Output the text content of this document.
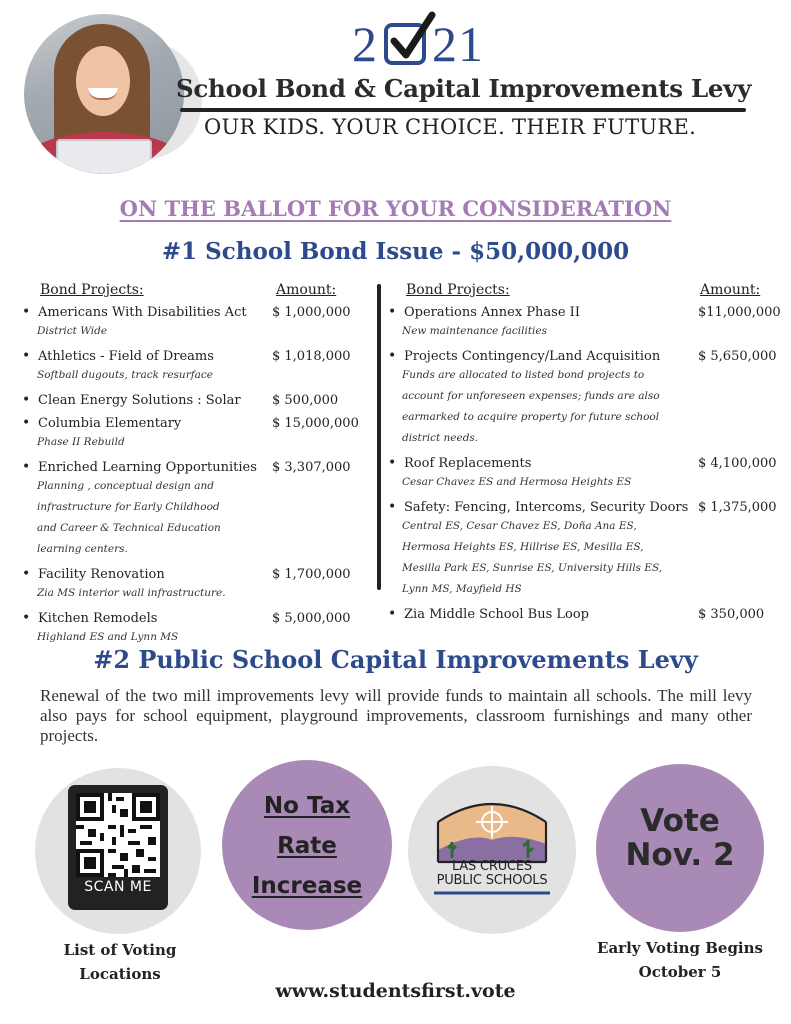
2 21
School Bond & Capital Improvements Levy
OUR KIDS. YOUR CHOICE. THEIR FUTURE.
ON THE BALLOT FOR YOUR CONSIDERATION
#1 School Bond Issue - $50,000,000
Bond Projects:	Amount:	Bond Projects:	Amount:
• Americans With Disabilities Act $ 1,000,000
District Wide
• Athletics - Field of Dreams	$ 1,018,000
Softball dugouts, track resurface
• Clean Energy Solutions : Solar $ 500,000
• Columbia Elementary	$ 15,000,000
Phase II Rebuild
• Enriched Learning Opportunities $ 3,307,000
Planning , conceptual design and
infrastructure for Early Childhood
and Career & Technical Education
learning centers.
• Facility Renovation	$ 1,700,000
Zia MS interior wall infrastructure.
• Kitchen Remodels	$ 5,000,000
Highland ES and Lynn MS
• Operations Annex Phase II	$11,000,000
New maintenance facilities
• Projects Contingency/Land Acquisition	$ 5,650,000
Funds are allocated to listed bond projects to
account for unforeseen expenses; funds are also
earmarked to acquire property for future school
district needs.
• Roof Replacements	$ 4,100,000
Cesar Chavez ES and Hermosa Heights ES
• Safety: Fencing, Intercoms, Security Doors $ 1,375,000
Central ES, Cesar Chavez ES, Doña Ana ES,
Hermosa Heights ES, Hillrise ES, Mesilla ES,
Mesilla Park ES, Sunrise ES, University Hills ES,
Lynn MS, Mayfield HS
• Zia Middle School Bus Loop	$ 350,000
#2 Public School Capital Improvements Levy
Renewal of the two mill improvements levy will provide funds to maintain all schools. The mill levy also pays for school equipment, playground improvements, classroom furnishings and many other projects.
SCAN ME
List of Voting
Locations
No Tax
Rate
Increase
LAS CRUCES
PUBLIC SCHOOLS
Vote
Nov. 2
Early Voting Begins
October 5
www.studentsfirst.vote
